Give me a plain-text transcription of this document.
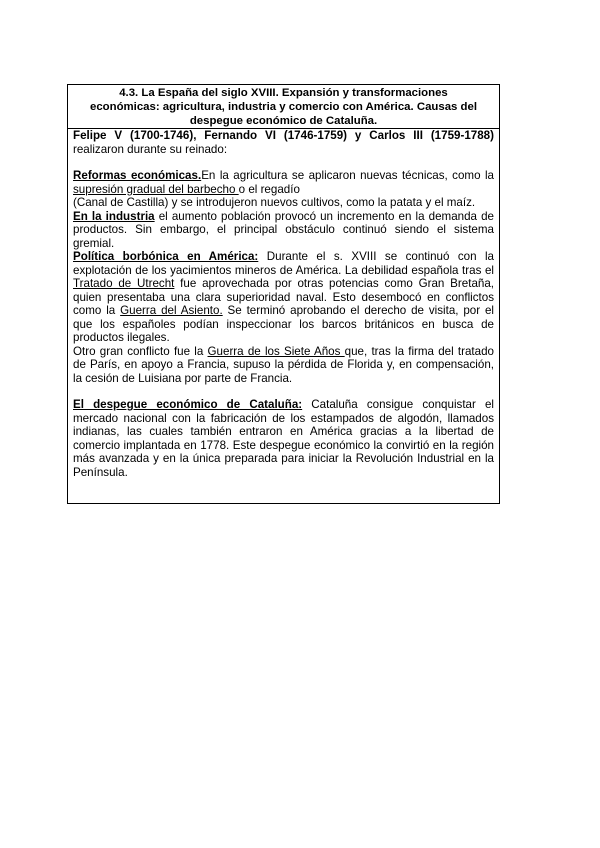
4.3. La España del siglo XVIII. Expansión y transformaciones
económicas: agricultura, industria y comercio con América. Causas del
despegue económico de Cataluña.

Felipe V (1700-1746), Fernando VI (1746-1759) y Carlos III (1759-1788) realizaron durante su reinado:

Reformas económicas.En la agricultura se aplicaron nuevas técnicas, como la supresión gradual del barbecho o el regadío

(Canal de Castilla) y se introdujeron nuevos cultivos, como la patata y el maíz.

En la industria el aumento población provocó un incremento en la demanda de productos. Sin embargo, el principal obstáculo continuó siendo el sistema gremial.

Política borbónica en América: Durante el s. XVIII se continuó con la explotación de los yacimientos mineros de América. La debilidad española tras el Tratado de Utrecht fue aprovechada por otras potencias como Gran Bretaña, quien presentaba una clara superioridad naval. Esto desembocó en conflictos como la Guerra del Asiento. Se terminó aprobando el derecho de visita, por el que los españoles podían inspeccionar los barcos británicos en busca de productos ilegales.

Otro gran conflicto fue la Guerra de los Siete Años que, tras la firma del tratado de París, en apoyo a Francia, supuso la pérdida de Florida y, en compensación, la cesión de Luisiana por parte de Francia.

El despegue económico de Cataluña: Cataluña consigue conquistar el mercado nacional con la fabricación de los estampados de algodón, llamados indianas, las cuales también entraron en América gracias a la libertad de comercio implantada en 1778. Este despegue económico la convirtió en la región más avanzada y en la única preparada para iniciar la Revolución Industrial en la Península.
